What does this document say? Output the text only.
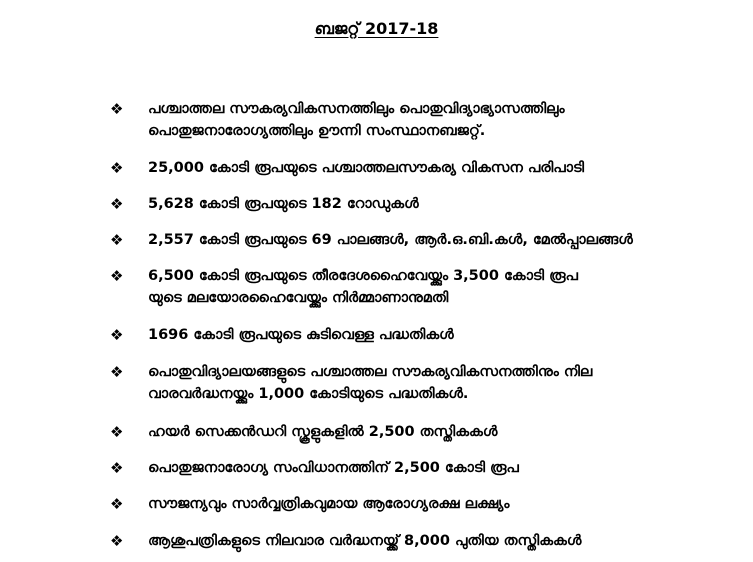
ബജറ്റ് 2017-18
❖ പശ്ചാത്തല സൗകര്യവികസനത്തിലും പൊതുവിദ്യാഭ്യാസത്തിലും
പൊതുജനാരോഗ്യത്തിലും ഊന്നി സംസ്ഥാനബജറ്റ്.
❖ 25,000 കോടി രൂപയുടെ പശ്ചാത്തലസൗകര്യ വികസന പരിപാടി
❖ 5,628 കോടി രൂപയുടെ 182 റോഡുകൾ
❖ 2,557 കോടി രൂപയുടെ 69 പാലങ്ങൾ, ആർ.ഒ.ബി.കൾ, മേൽപ്പാലങ്ങൾ
❖ 6,500 കോടി രൂപയുടെ തീരദേശഹൈവേയ്ക്കും 3,500 കോടി രൂപ
യുടെ മലയോരഹൈവേയ്ക്കും നിർമ്മാണാനുമതി
❖ 1696 കോടി രൂപയുടെ കുടിവെള്ള പദ്ധതികൾ
❖ പൊതുവിദ്യാലയങ്ങളുടെ പശ്ചാത്തല സൗകര്യവികസനത്തിനും നില
വാരവർദ്ധനയ്ക്കും 1,000 കോടിയുടെ പദ്ധതികൾ.
❖ ഹയർ സെക്കൻഡറി സ്കൂളുകളിൽ 2,500 തസ്തികകൾ
❖ പൊതുജനാരോഗ്യ സംവിധാനത്തിന് 2,500 കോടി രൂപ
❖ സൗജന്യവും സാർവ്വത്രികവുമായ ആരോഗ്യരക്ഷ ലക്ഷ്യം
❖ ആശുപത്രികളുടെ നിലവാര വർദ്ധനയ്ക്ക് 8,000 പുതിയ തസ്തികകൾ
